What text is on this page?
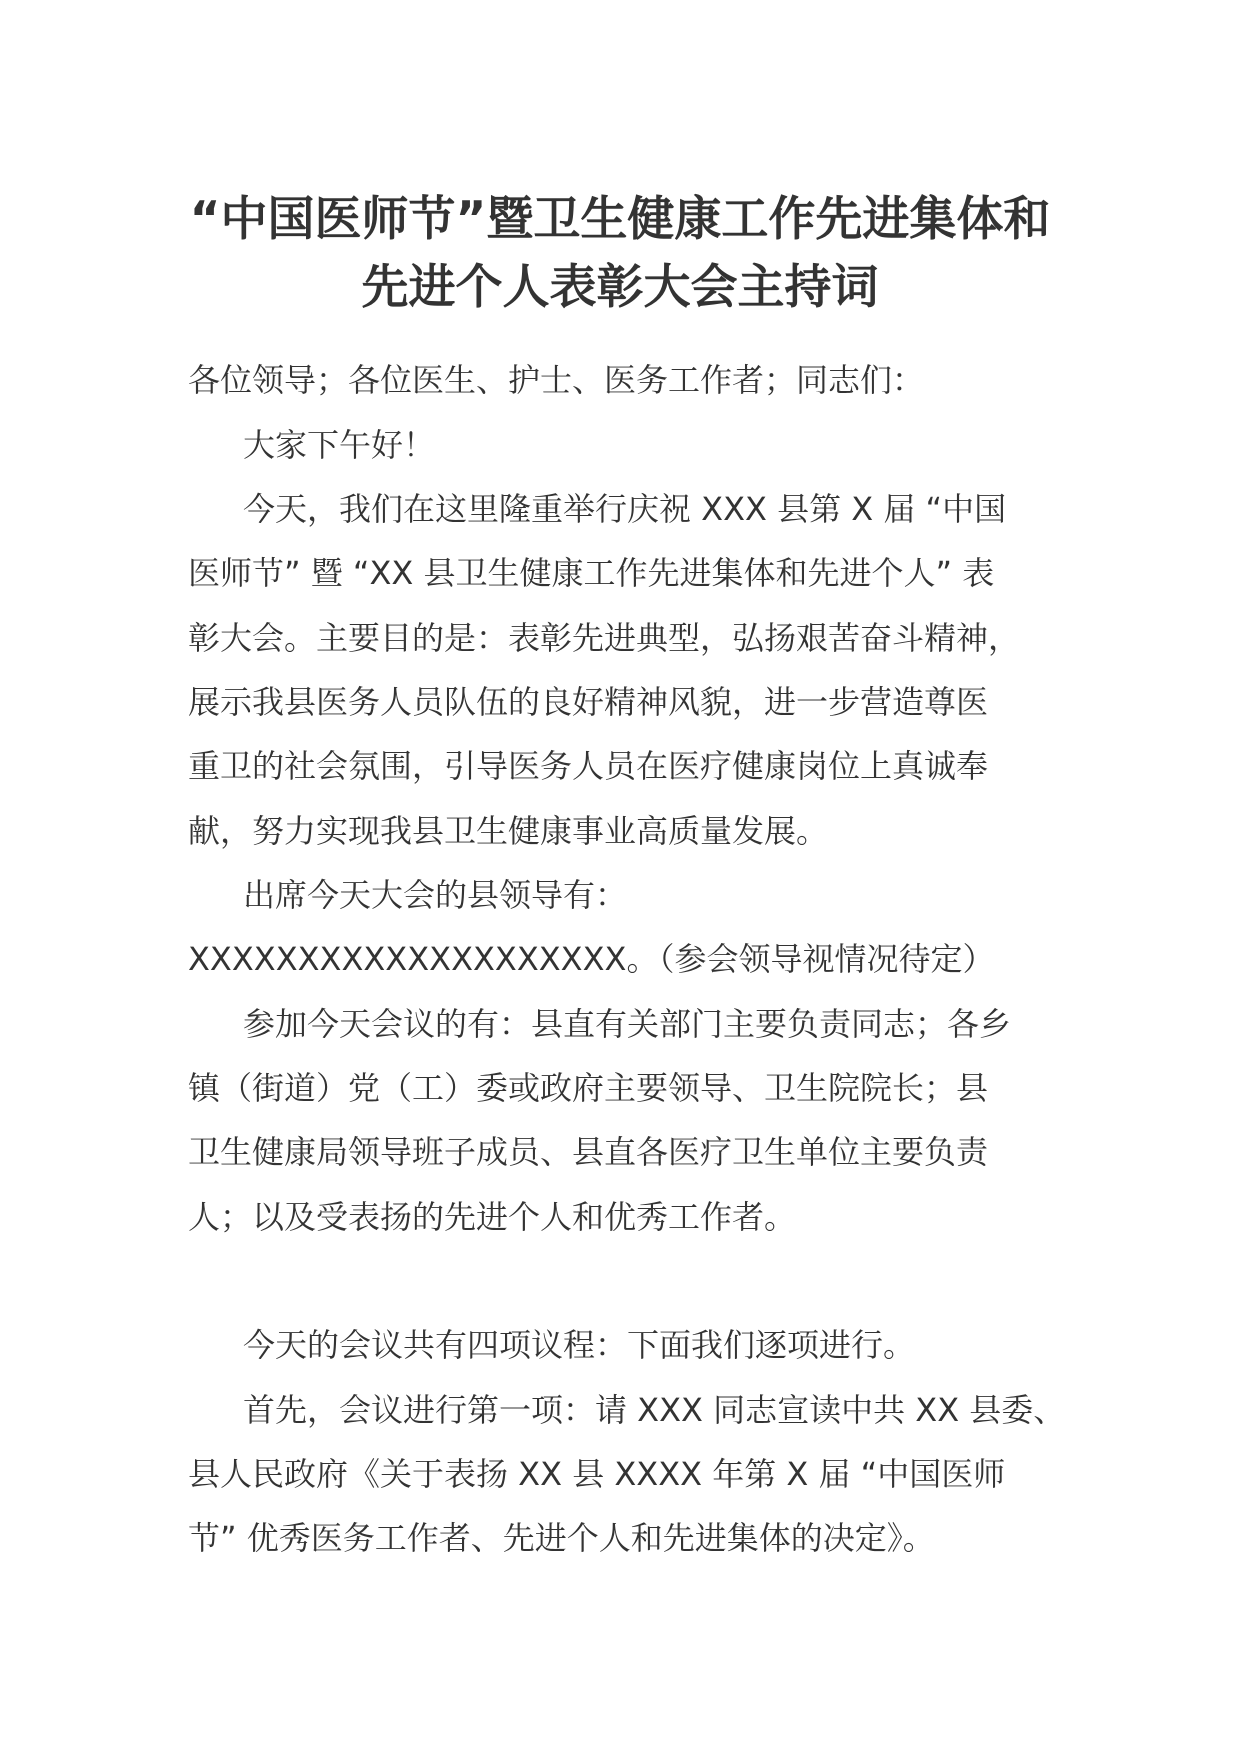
“中国医师节”暨卫生健康工作先进集体和
先进个人表彰大会主持词
各位领导；各位医生、护士、医务工作者；同志们：
大家下午好！
今天，我们在这里隆重举行庆祝 XXX 县第 X 届 “中国
医师节” 暨 “XX 县卫生健康工作先进集体和先进个人” 表
彰大会。主要目的是：表彰先进典型，弘扬艰苦奋斗精神，
展示我县医务人员队伍的良好精神风貌，进一步营造尊医
重卫的社会氛围，引导医务人员在医疗健康岗位上真诚奉
献，努力实现我县卫生健康事业高质量发展。
出席今天大会的县领导有：
XXXXXXXXXXXXXXXXXXXX。（参会领导视情况待定）
参加今天会议的有：县直有关部门主要负责同志；各乡
镇（街道）党（工）委或政府主要领导、卫生院院长；县
卫生健康局领导班子成员、县直各医疗卫生单位主要负责
人；以及受表扬的先进个人和优秀工作者。
今天的会议共有四项议程：下面我们逐项进行。
首先，会议进行第一项：请 XXX 同志宣读中共 XX 县委、
县人民政府《关于表扬 XX 县 XXXX 年第 X 届 “中国医师
节” 优秀医务工作者、先进个人和先进集体的决定》。
